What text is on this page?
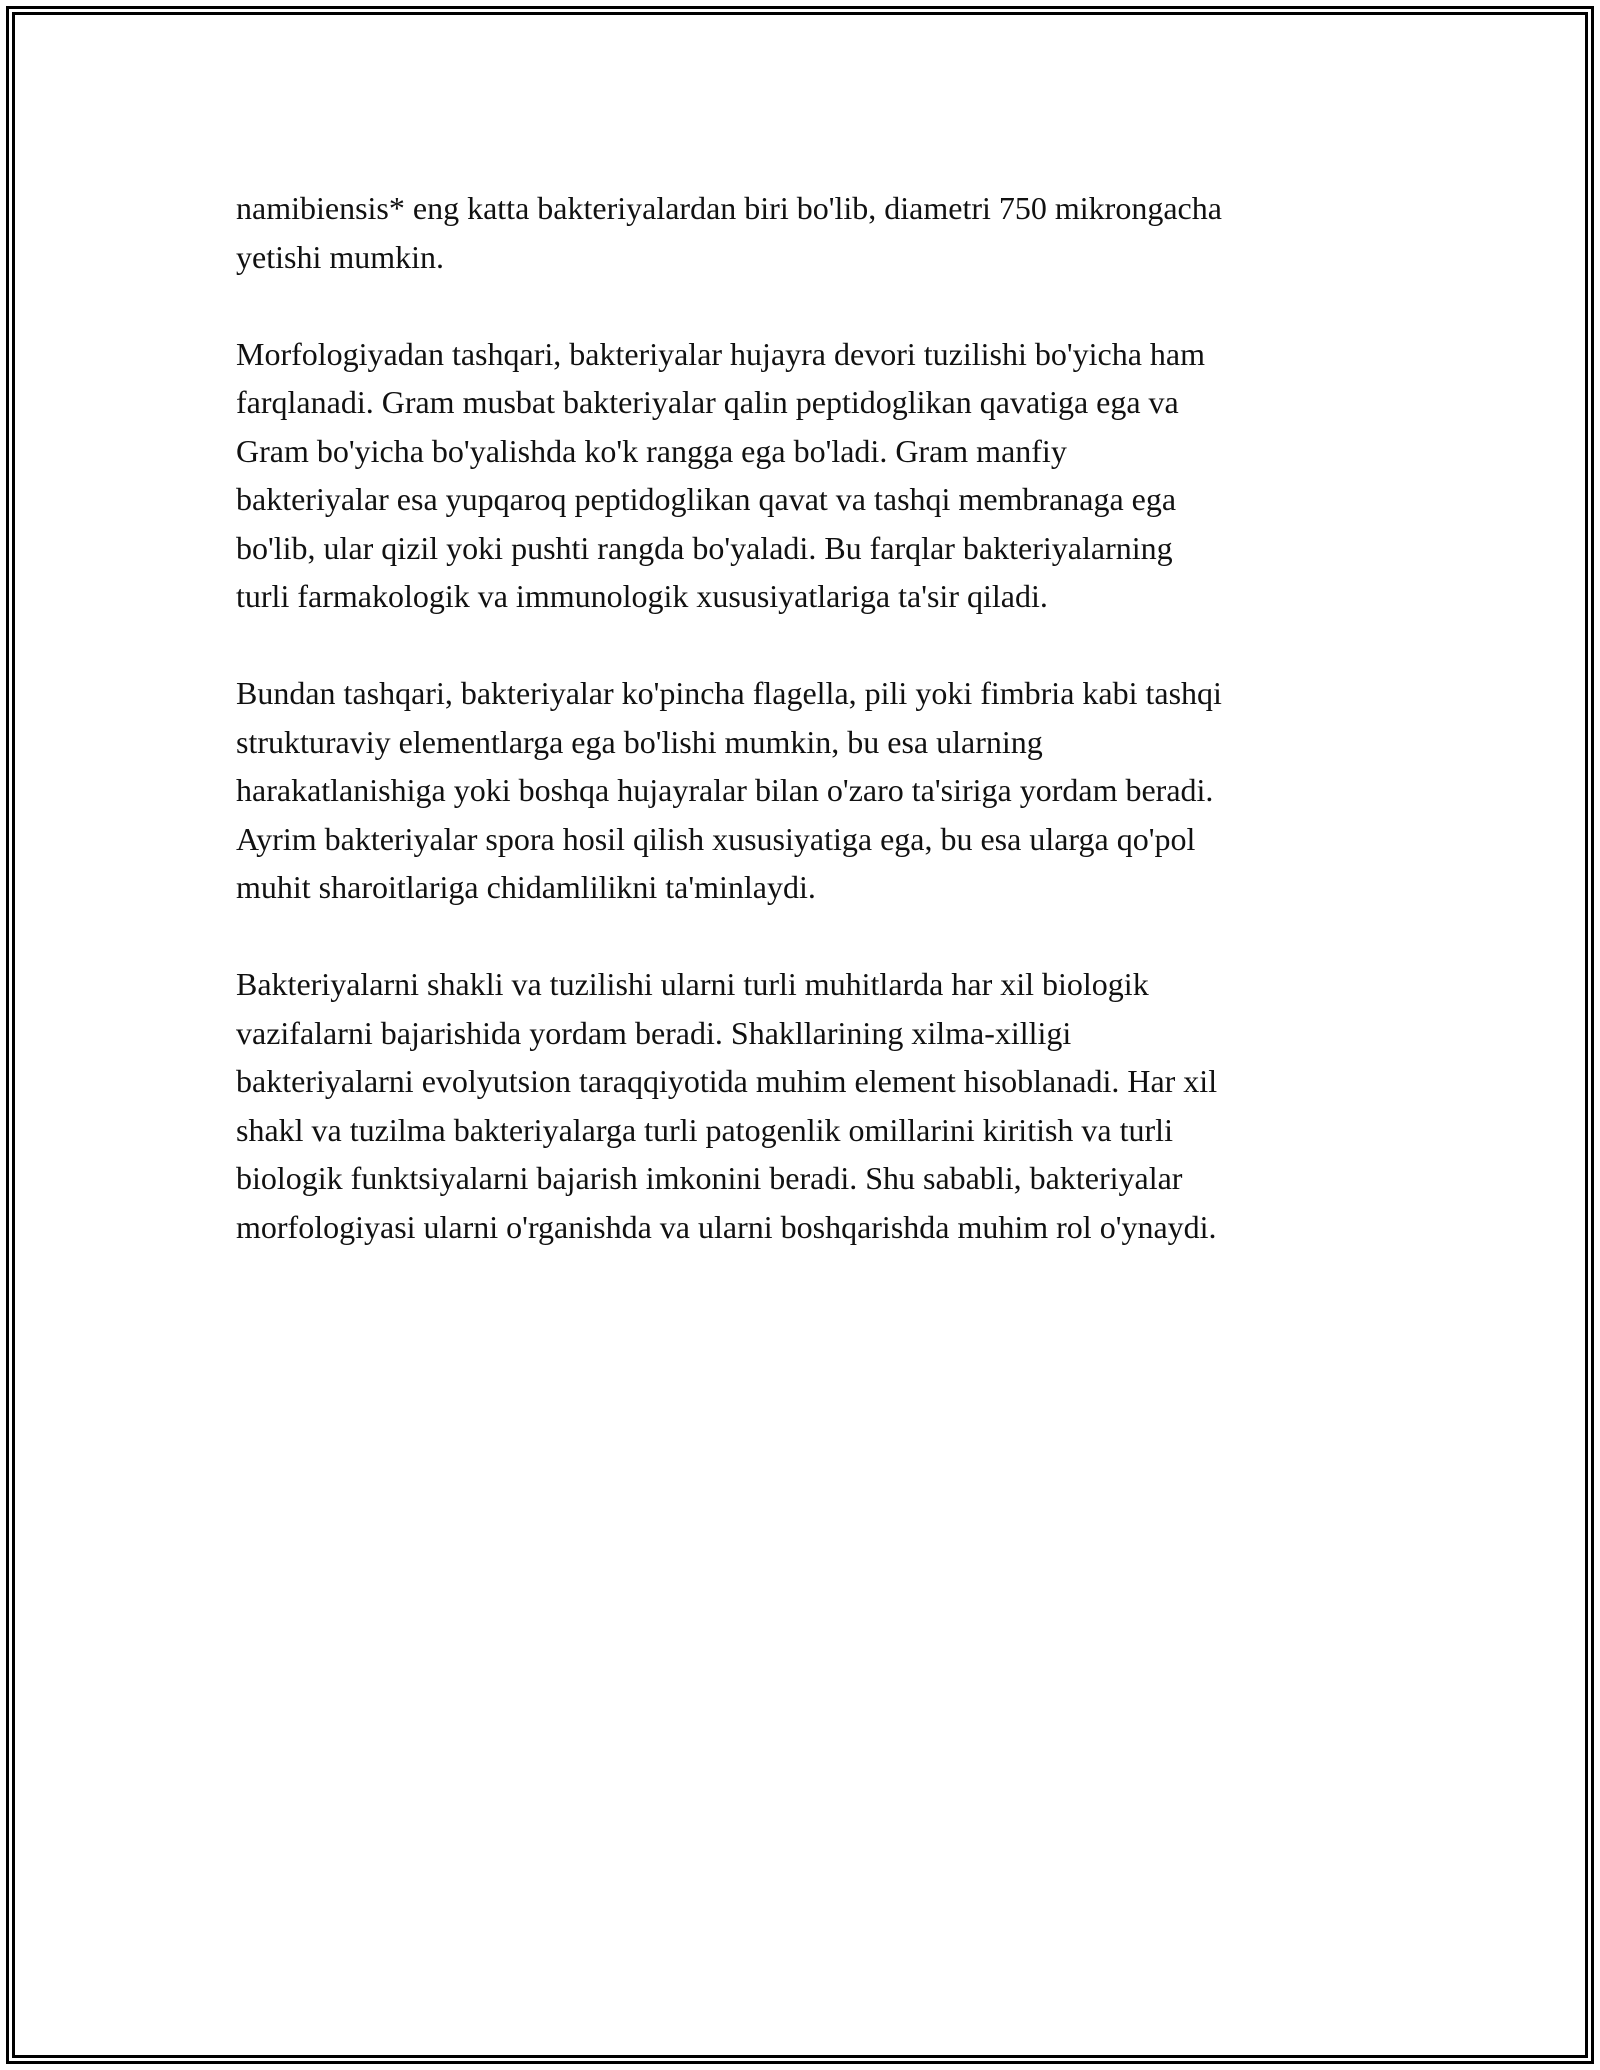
namibiensis* eng katta bakteriyalardan biri bo'lib, diametri 750 mikrongacha
yetishi mumkin.

Morfologiyadan tashqari, bakteriyalar hujayra devori tuzilishi bo'yicha ham
farqlanadi. Gram musbat bakteriyalar qalin peptidoglikan qavatiga ega va
Gram bo'yicha bo'yalishda ko'k rangga ega bo'ladi. Gram manfiy
bakteriyalar esa yupqaroq peptidoglikan qavat va tashqi membranaga ega
bo'lib, ular qizil yoki pushti rangda bo'yaladi. Bu farqlar bakteriyalarning
turli farmakologik va immunologik xususiyatlariga ta'sir qiladi.

Bundan tashqari, bakteriyalar ko'pincha flagella, pili yoki fimbria kabi tashqi
strukturaviy elementlarga ega bo'lishi mumkin, bu esa ularning
harakatlanishiga yoki boshqa hujayralar bilan o'zaro ta'siriga yordam beradi.
Ayrim bakteriyalar spora hosil qilish xususiyatiga ega, bu esa ularga qo'pol
muhit sharoitlariga chidamlilikni ta'minlaydi.

Bakteriyalarni shakli va tuzilishi ularni turli muhitlarda har xil biologik
vazifalarni bajarishida yordam beradi. Shakllarining xilma-xilligi
bakteriyalarni evolyutsion taraqqiyotida muhim element hisoblanadi. Har xil
shakl va tuzilma bakteriyalarga turli patogenlik omillarini kiritish va turli
biologik funktsiyalarni bajarish imkonini beradi. Shu sababli, bakteriyalar
morfologiyasi ularni o'rganishda va ularni boshqarishda muhim rol o'ynaydi.
